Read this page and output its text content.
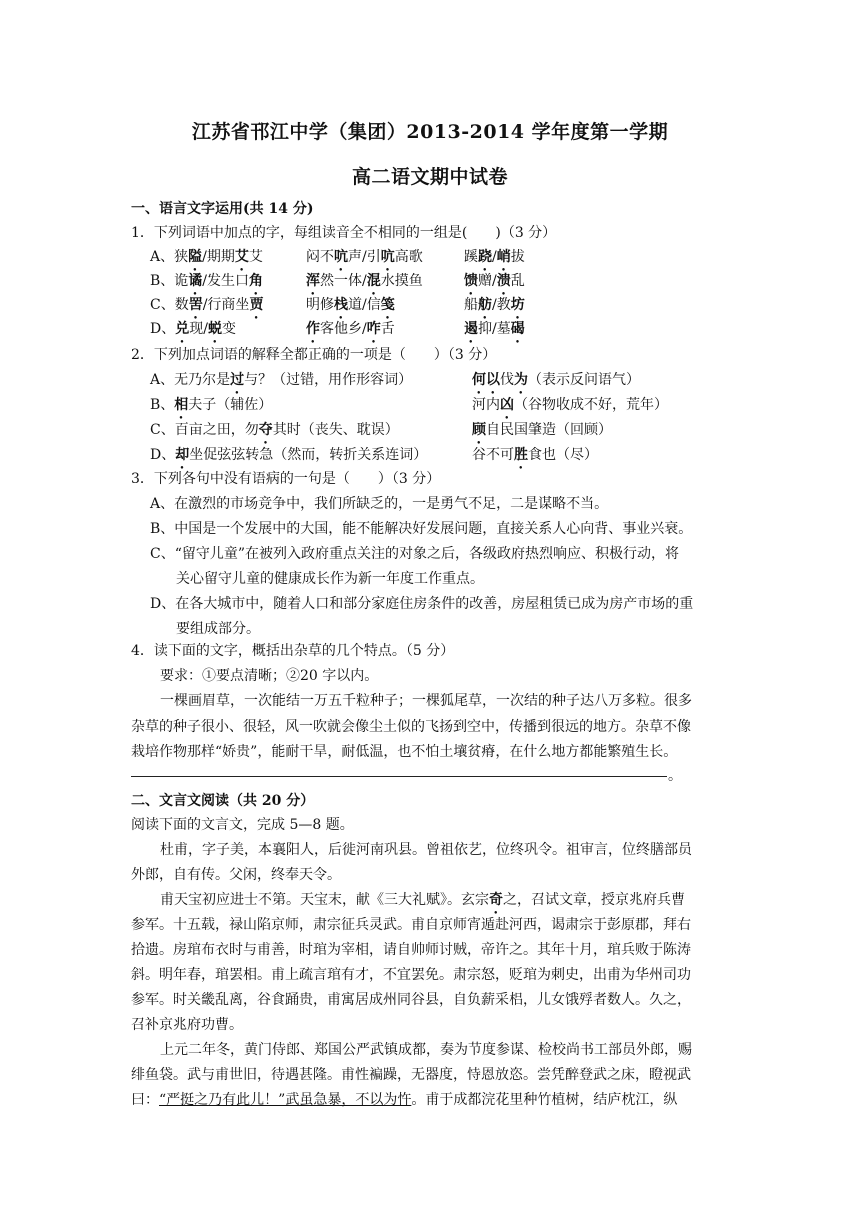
江苏省邗江中学（集团）2013-2014 学年度第一学期
高二语文期中试卷
一、语言文字运用(共 14 分)
1．下列词语中加点的字，每组读音全不相同的一组是(　　)（3 分）
A、狭隘/期期艾艾	闷不吭声/引吭高歌	蹊跷/峭拔
B、诡谲/发生口角	浑然一体/混水摸鱼	馈赠/溃乱
C、数罟/行商坐贾	明修栈道/信笺	船舫/教坊
D、兑现/蜕变	作客他乡/咋舌	遏抑/墓碣
2．下列加点词语的解释全都正确的一项是（　　）（3 分）
A、无乃尔是过与？（过错，用作形容词）	何以伐为（表示反问语气）
B、相夫子（辅佐）	河内凶（谷物收成不好，荒年）
C、百亩之田，勿夺其时（丧失、耽误）	顾自民国肇造（回顾）
D、却坐促弦弦转急（然而，转折关系连词）	谷不可胜食也（尽）
3．下列各句中没有语病的一句是（　　）（3 分）
A、在激烈的市场竞争中，我们所缺乏的，一是勇气不足，二是谋略不当。
B、中国是一个发展中的大国，能不能解决好发展问题，直接关系人心向背、事业兴衰。
C、“留守儿童”在被列入政府重点关注的对象之后，各级政府热烈响应、积极行动，将
关心留守儿童的健康成长作为新一年度工作重点。
D、在各大城市中，随着人口和部分家庭住房条件的改善，房屋租赁已成为房产市场的重
要组成部分。
4．读下面的文字，概括出杂草的几个特点。（5 分）
要求：①要点清晰；②20 字以内。
一棵画眉草，一次能结一万五千粒种子；一棵狐尾草，一次结的种子达八万多粒。很多
杂草的种子很小、很轻，风一吹就会像尘土似的飞扬到空中，传播到很远的地方。杂草不像
栽培作物那样“娇贵”，能耐干旱，耐低温，也不怕土壤贫瘠，在什么地方都能繁殖生长。
。
二、文言文阅读（共 20 分）
阅读下面的文言文，完成 5—8 题。
杜甫，字子美，本襄阳人，后徙河南巩县。曾祖依艺，位终巩令。祖审言，位终膳部员
外郎，自有传。父闲，终奉天令。
甫天宝初应进士不第。天宝末，献《三大礼赋》。玄宗奇之，召试文章，授京兆府兵曹
参军。十五载，禄山陷京师，肃宗征兵灵武。甫自京师宵遁赴河西，谒肃宗于彭原郡，拜右
拾遗。房琯布衣时与甫善，时琯为宰相，请自帅师讨贼，帝许之。其年十月，琯兵败于陈涛
斜。明年春，琯罢相。甫上疏言琯有才，不宜罢免。肃宗怒，贬琯为刺史，出甫为华州司功
参军。时关畿乱离，谷食踊贵，甫寓居成州同谷县，自负薪采梠，儿女饿殍者数人。久之，
召补京兆府功曹。
上元二年冬，黄门侍郎、郑国公严武镇成都，奏为节度参谋、检校尚书工部员外郎，赐
绯鱼袋。武与甫世旧，待遇甚隆。甫性褊躁，无器度，恃恩放恣。尝凭醉登武之床，瞪视武
曰：“严挺之乃有此儿！”武虽急暴，不以为忤。甫于成都浣花里种竹植树，结庐枕江，纵
